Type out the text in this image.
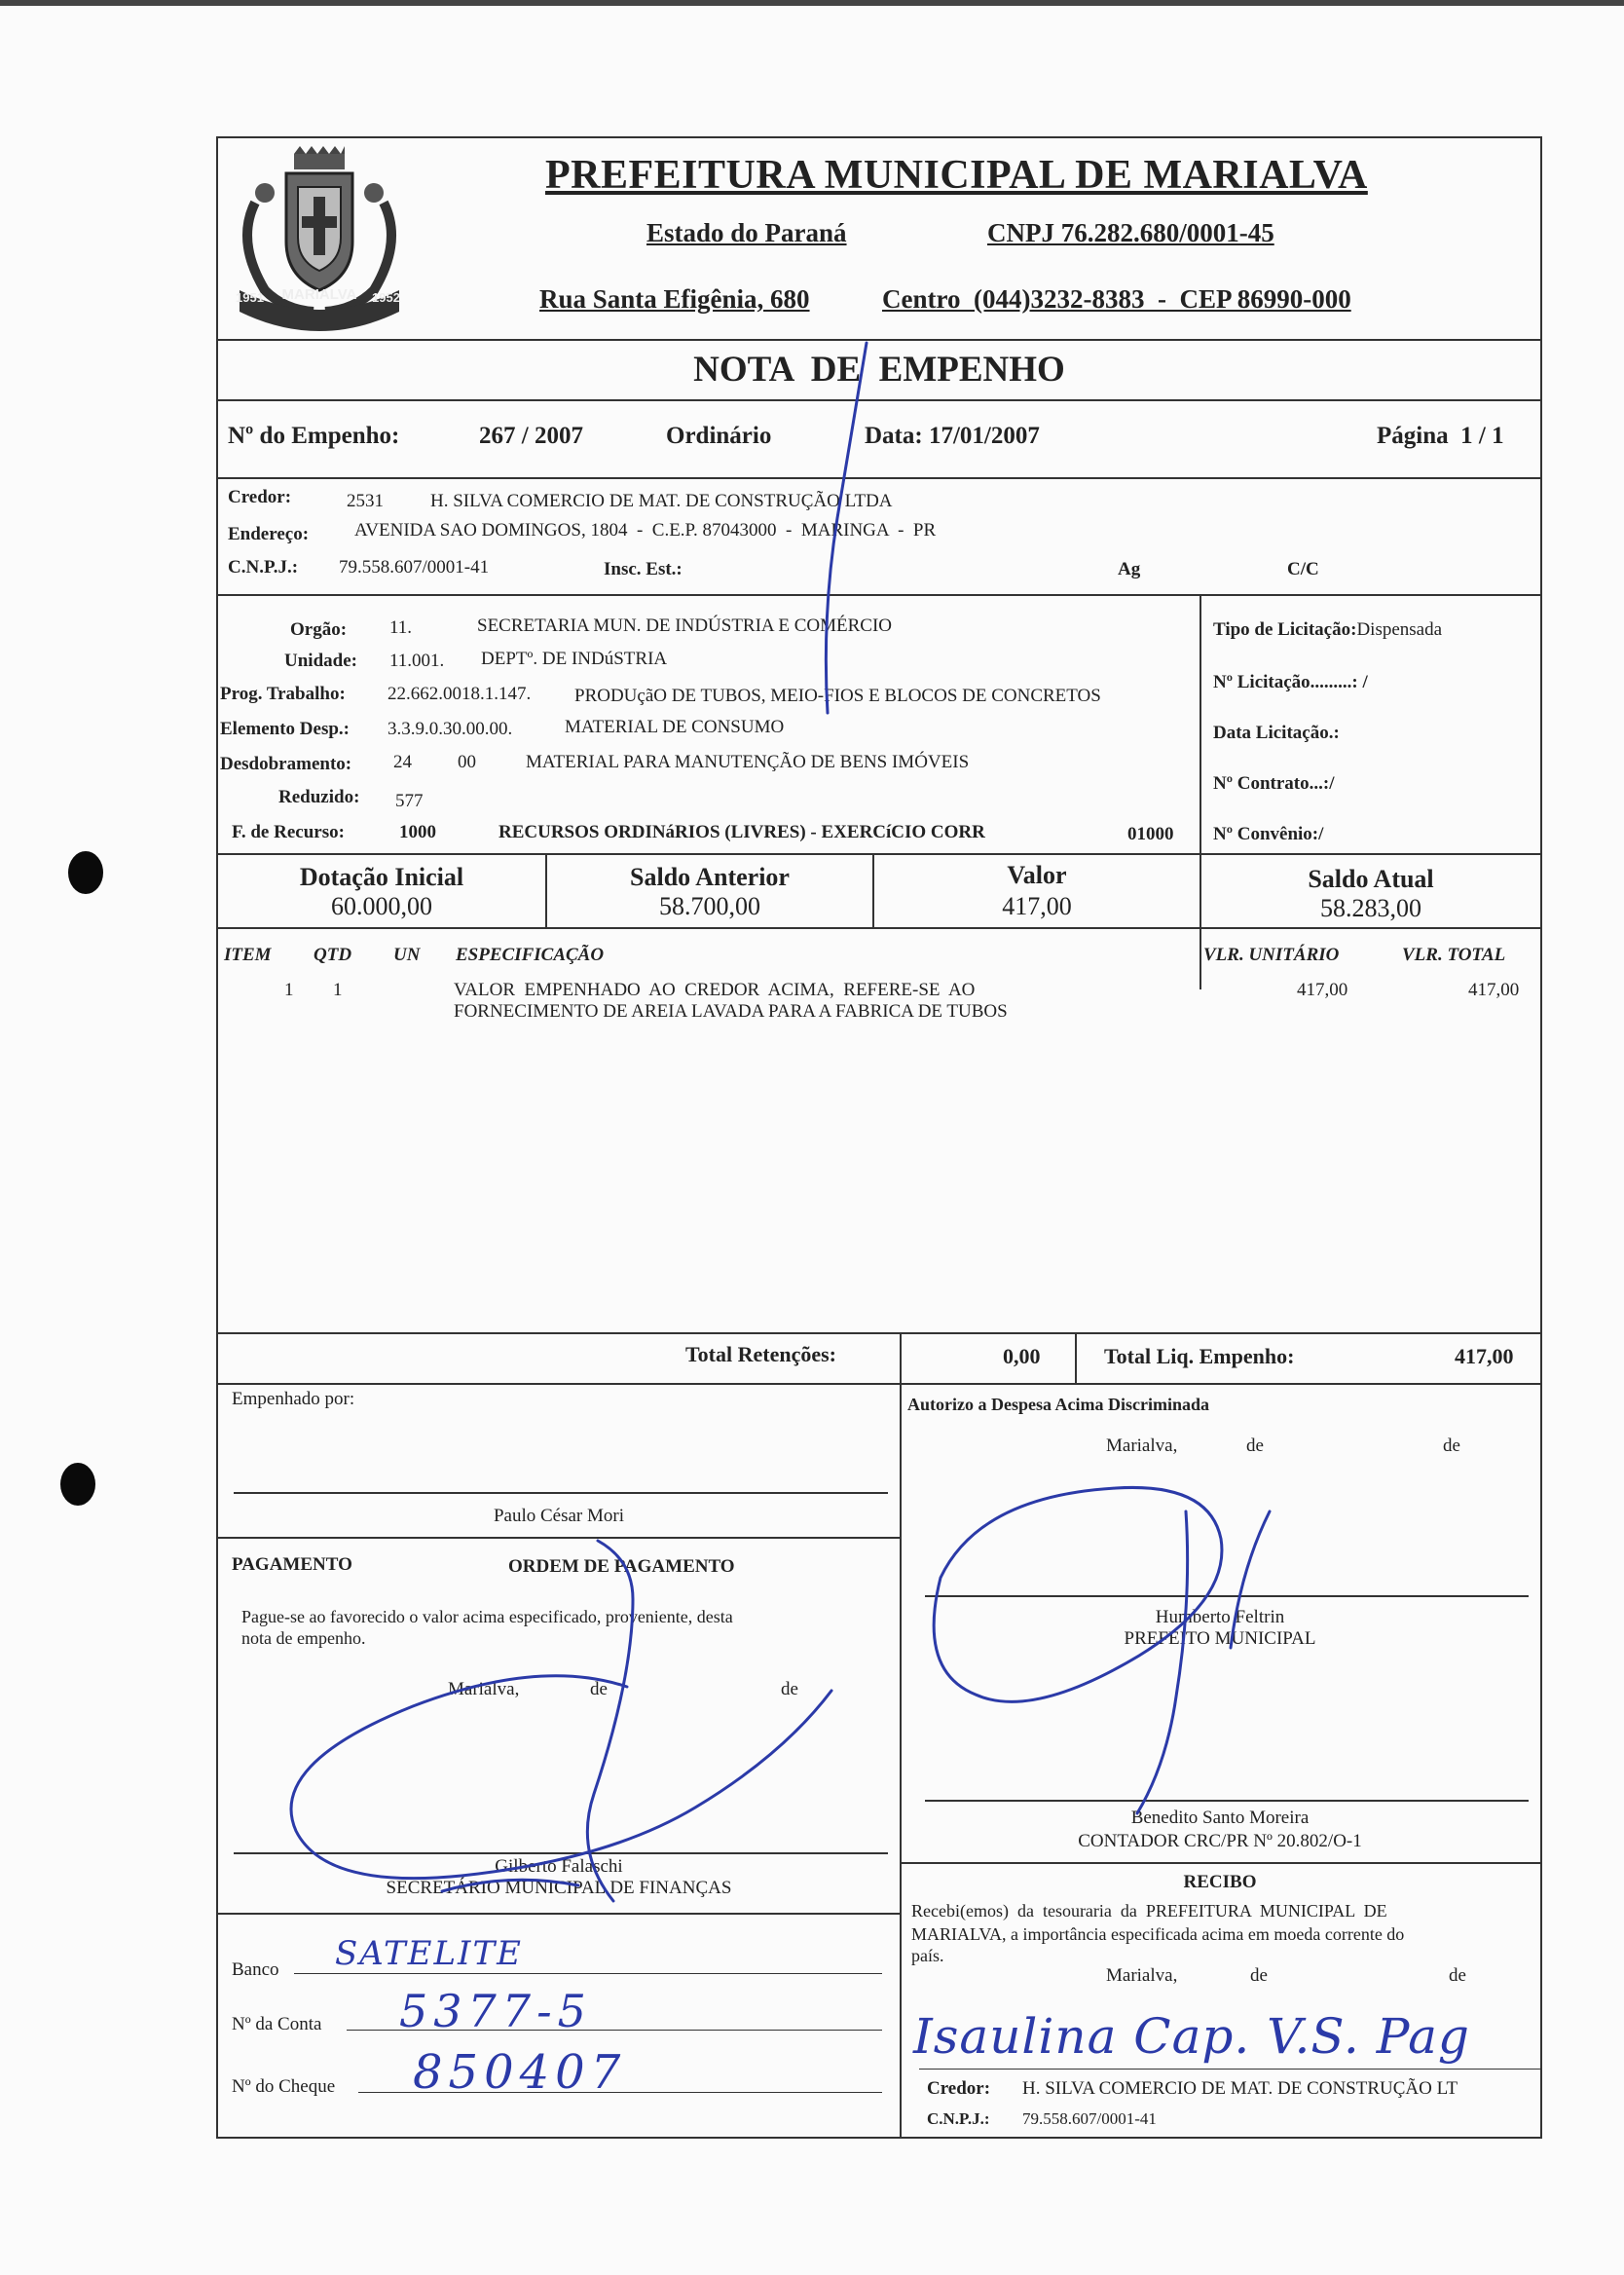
MARIALVA
1951	1952
PREFEITURA MUNICIPAL DE MARIALVA
Estado do Paraná	CNPJ 76.282.680/0001-45
Rua Santa Efigênia, 680	Centro  (044)3232-8383  -  CEP 86990-000
NOTA  DE  EMPENHO
Nº do Empenho:	267 / 2007	Ordinário	Data: 17/01/2007	Página  1 / 1
Credor:	2531	H. SILVA COMERCIO DE MAT. DE CONSTRUÇÃO LTDA
Endereço: AVENIDA SAO DOMINGOS, 1804  -  C.E.P. 87043000  -  MARINGA  -  PR
C.N.P.J.: 79.558.607/0001-41	Insc. Est.:	Ag	C/C
Orgão: 11.	SECRETARIA MUN. DE INDÚSTRIA E COMÉRCIO
Unidade: 11.001. DEPTº. DE INDúSTRIA
Prog. Trabalho: 22.662.0018.1.147. PRODUçãO DE TUBOS, MEIO-FIOS E BLOCOS DE CONCRETOS
Elemento Desp.: 3.3.9.0.30.00.00.	MATERIAL DE CONSUMO
Desdobramento: 24 00	MATERIAL PARA MANUTENÇÃO DE BENS IMÓVEIS
Reduzido: 577
F. de Recurso:	1000	RECURSOS ORDINáRIOS (LIVRES) - EXERCíCIO CORR	01000
Tipo de Licitação:Dispensada
Nº Licitação.........: /
Data Licitação.:
Nº Contrato...:/
Nº Convênio:/
Dotação Inicial
60.000,00
Saldo Anterior
58.700,00
Valor
417,00
Saldo Atual
58.283,00
ITEM QTD UN ESPECIFICAÇÃO	VLR. UNITÁRIO	VLR. TOTAL
1 1	VALOR  EMPENHADO  AO  CREDOR  ACIMA,  REFERE-SE  AO
FORNECIMENTO DE AREIA LAVADA PARA A FABRICA DE TUBOS
417,00	417,00
Total Retenções:	0,00	Total Liq. Empenho:	417,00
Empenhado por:
Paulo César Mori
PAGAMENTO	ORDEM DE PAGAMENTO
Pague-se ao favorecido o valor acima especificado, proveniente, desta
nota de empenho.
Marialva,	de	de
Gilberto Falaschi
SECRETÁRIO MUNICIPAL DE FINANÇAS
Banco SATELITE
Nº da Conta 5377-5
Nº do Cheque 850407
Autorizo a Despesa Acima Discriminada
Marialva,	de	de
Humberto Feltrin
PREFEITO MUNICIPAL
Benedito Santo Moreira
CONTADOR CRC/PR Nº 20.802/O-1
RECIBO
Recebi(emos)  da  tesouraria  da  PREFEITURA  MUNICIPAL  DE
MARIALVA, a importância especificada acima em moeda corrente do
país.
Marialva,	de	de
Isaulina Cap. V.S. Pag
Credor: H. SILVA COMERCIO DE MAT. DE CONSTRUÇÃO LT
C.N.P.J.: 79.558.607/0001-41
